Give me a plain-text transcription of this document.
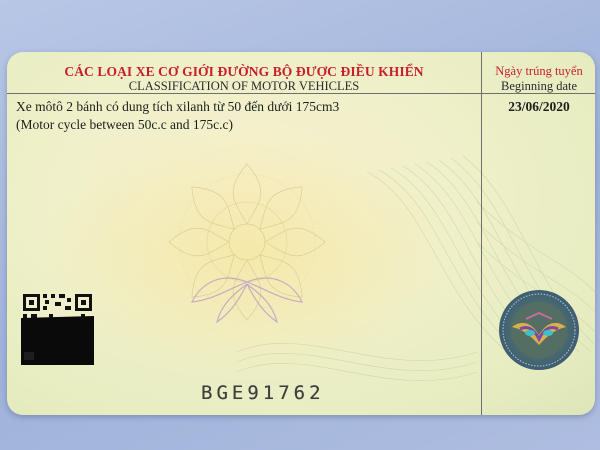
CÁC LOẠI XE CƠ GIỚI ĐƯỜNG BỘ ĐƯỢC ĐIỀU KHIỂN
CLASSIFICATION OF MOTOR VEHICLES
Ngày trúng tuyển
Beginning date
Xe môtô 2 bánh có dung tích xilanh từ 50 đến dưới 175cm3
(Motor cycle between 50c.c and 175c.c)
23/06/2020
BGE91762
